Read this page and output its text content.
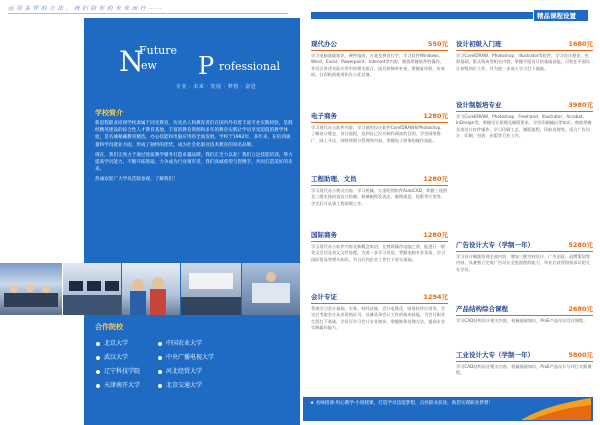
运 用 多 样 的 方 法 ， 我 们 陪 你 的 未 来 而 行 ······
N
ew
Future
P rofessional
专业 · 未来 · 发展 · 梦想 · 奋进
学校简介

新思程职业培训学校隶属于同光教育，历史名人和教育者们在国内外有着丰富专业实践经验，是群经精英建设的综合性人才教育基地，丰富的教育资源和多年的教育实践让学员享受超值的教学体验，是名城秘藏教育精选，办公技能和电脑应用的全面发展。学校于1992年，多年来，在培训质量和学员就业方面，形成了独特的优势，成为社会化职业技术教育的知名品牌。

现在，我们正致力于通过优质教学服务打造卓越品牌，我们正全力以赴！我们立足技能培训，努力提高学员能力，不断开拓进取，力争成为行业领军者。我们真诚希望与您携手，共同打造美好的未来。

热诚欢迎广大学员莅临参观，了解我们！

合作院校
北京大学	中国农业大学
武汉大学	中央广播电视大学
辽宁科技学院	河北经贸大学
天津南开大学	北京交通大学
精品课程设置
现代办公	550元
学习电脑基础知识、硬件组成、五笔及拼音打字，学习软件Windows、Word、Excel、Powerpoint、Internet等内容，熟练掌握软件的操作，并综合讲述实际应用中的相关组合、技巧和简单补充，掌握复印机、传真机、打印机的使用和办公化设备。
电子商务	1280元
学习现代办公软件内容，学习使用设计软件CorelDRAW和Photoshop，了解设计理念、设计流程，达到自己设计制作网站的目的，学会网络推广、网上开店、网络营销与管理等内容，掌握电子商务的操作技能。
工程助理、文员	1280元
学习现代办公相关内容，学习机械、五金绘图软件AutoCAD，掌握三视图及三维实体的表达与绘制、机械制图及表达、制图规范、投影等应用等，学完后可从事工程助理工作。
国际商务	1280元
学习现代办公软件内容及新概念英语，在熟练操作电脑之余，能进行一般英文会话及英文文件处理，为进一步学习英语，掌握电脑专业英语，学习国际贸易等相关知识，为日后到企业工作打下坚实基础。
会计专证	1294元
系统学习会计基础、实务、财经法规、会计电算化、财务软件应用等，学完后考取会计从业资格证书，具备从事会计工作的基本技能，为会计职业生涯打下基础，学员可学习会计专业知识、掌握账务处理方法，提高专业实践操作能力。
设计初级入门班	1680元
学习CorelDRAW、Photoshop、Illustrator等软件，学习设计理论、色彩基础、版式构成等相关内容，掌握平面设计的基础技能，可胜任平面设计初级岗位工作，并为进一步深入学习打下基础。
设计制版培专业	3980元
学习CorelDRAW、Photoshop、Freehand、Illustrator、Acrobat、InDesign等，掌握设计原理及制版要求，学会印刷输出等知识，熟练掌握各类设计软件操作，学习印刷工艺、制版流程、印前处理等，适合广告设计、印刷、包装、出版等行业工作。
广告设计大专（学制一年）	5280元
学习设计制版培训全部内容，增加三维空间设计、广告创意、品牌策划等内容，具备独立完成广告设计全套流程的能力，毕业后获得国家承认的大专学历。
产品结构综合课程	2680元
学习CAD结构设计相关内容，机械基础知识，ProE产品设计综合课程。
工业设计大专（学制一年）	5800元
学习CAD结构设计相关内容，机械基础知识，ProE产品设计与项目实践课程。
★ 名师授课·用心教学·小班授课，打造学员技能梦想，点亮职业前途，助您实现职业梦想！
